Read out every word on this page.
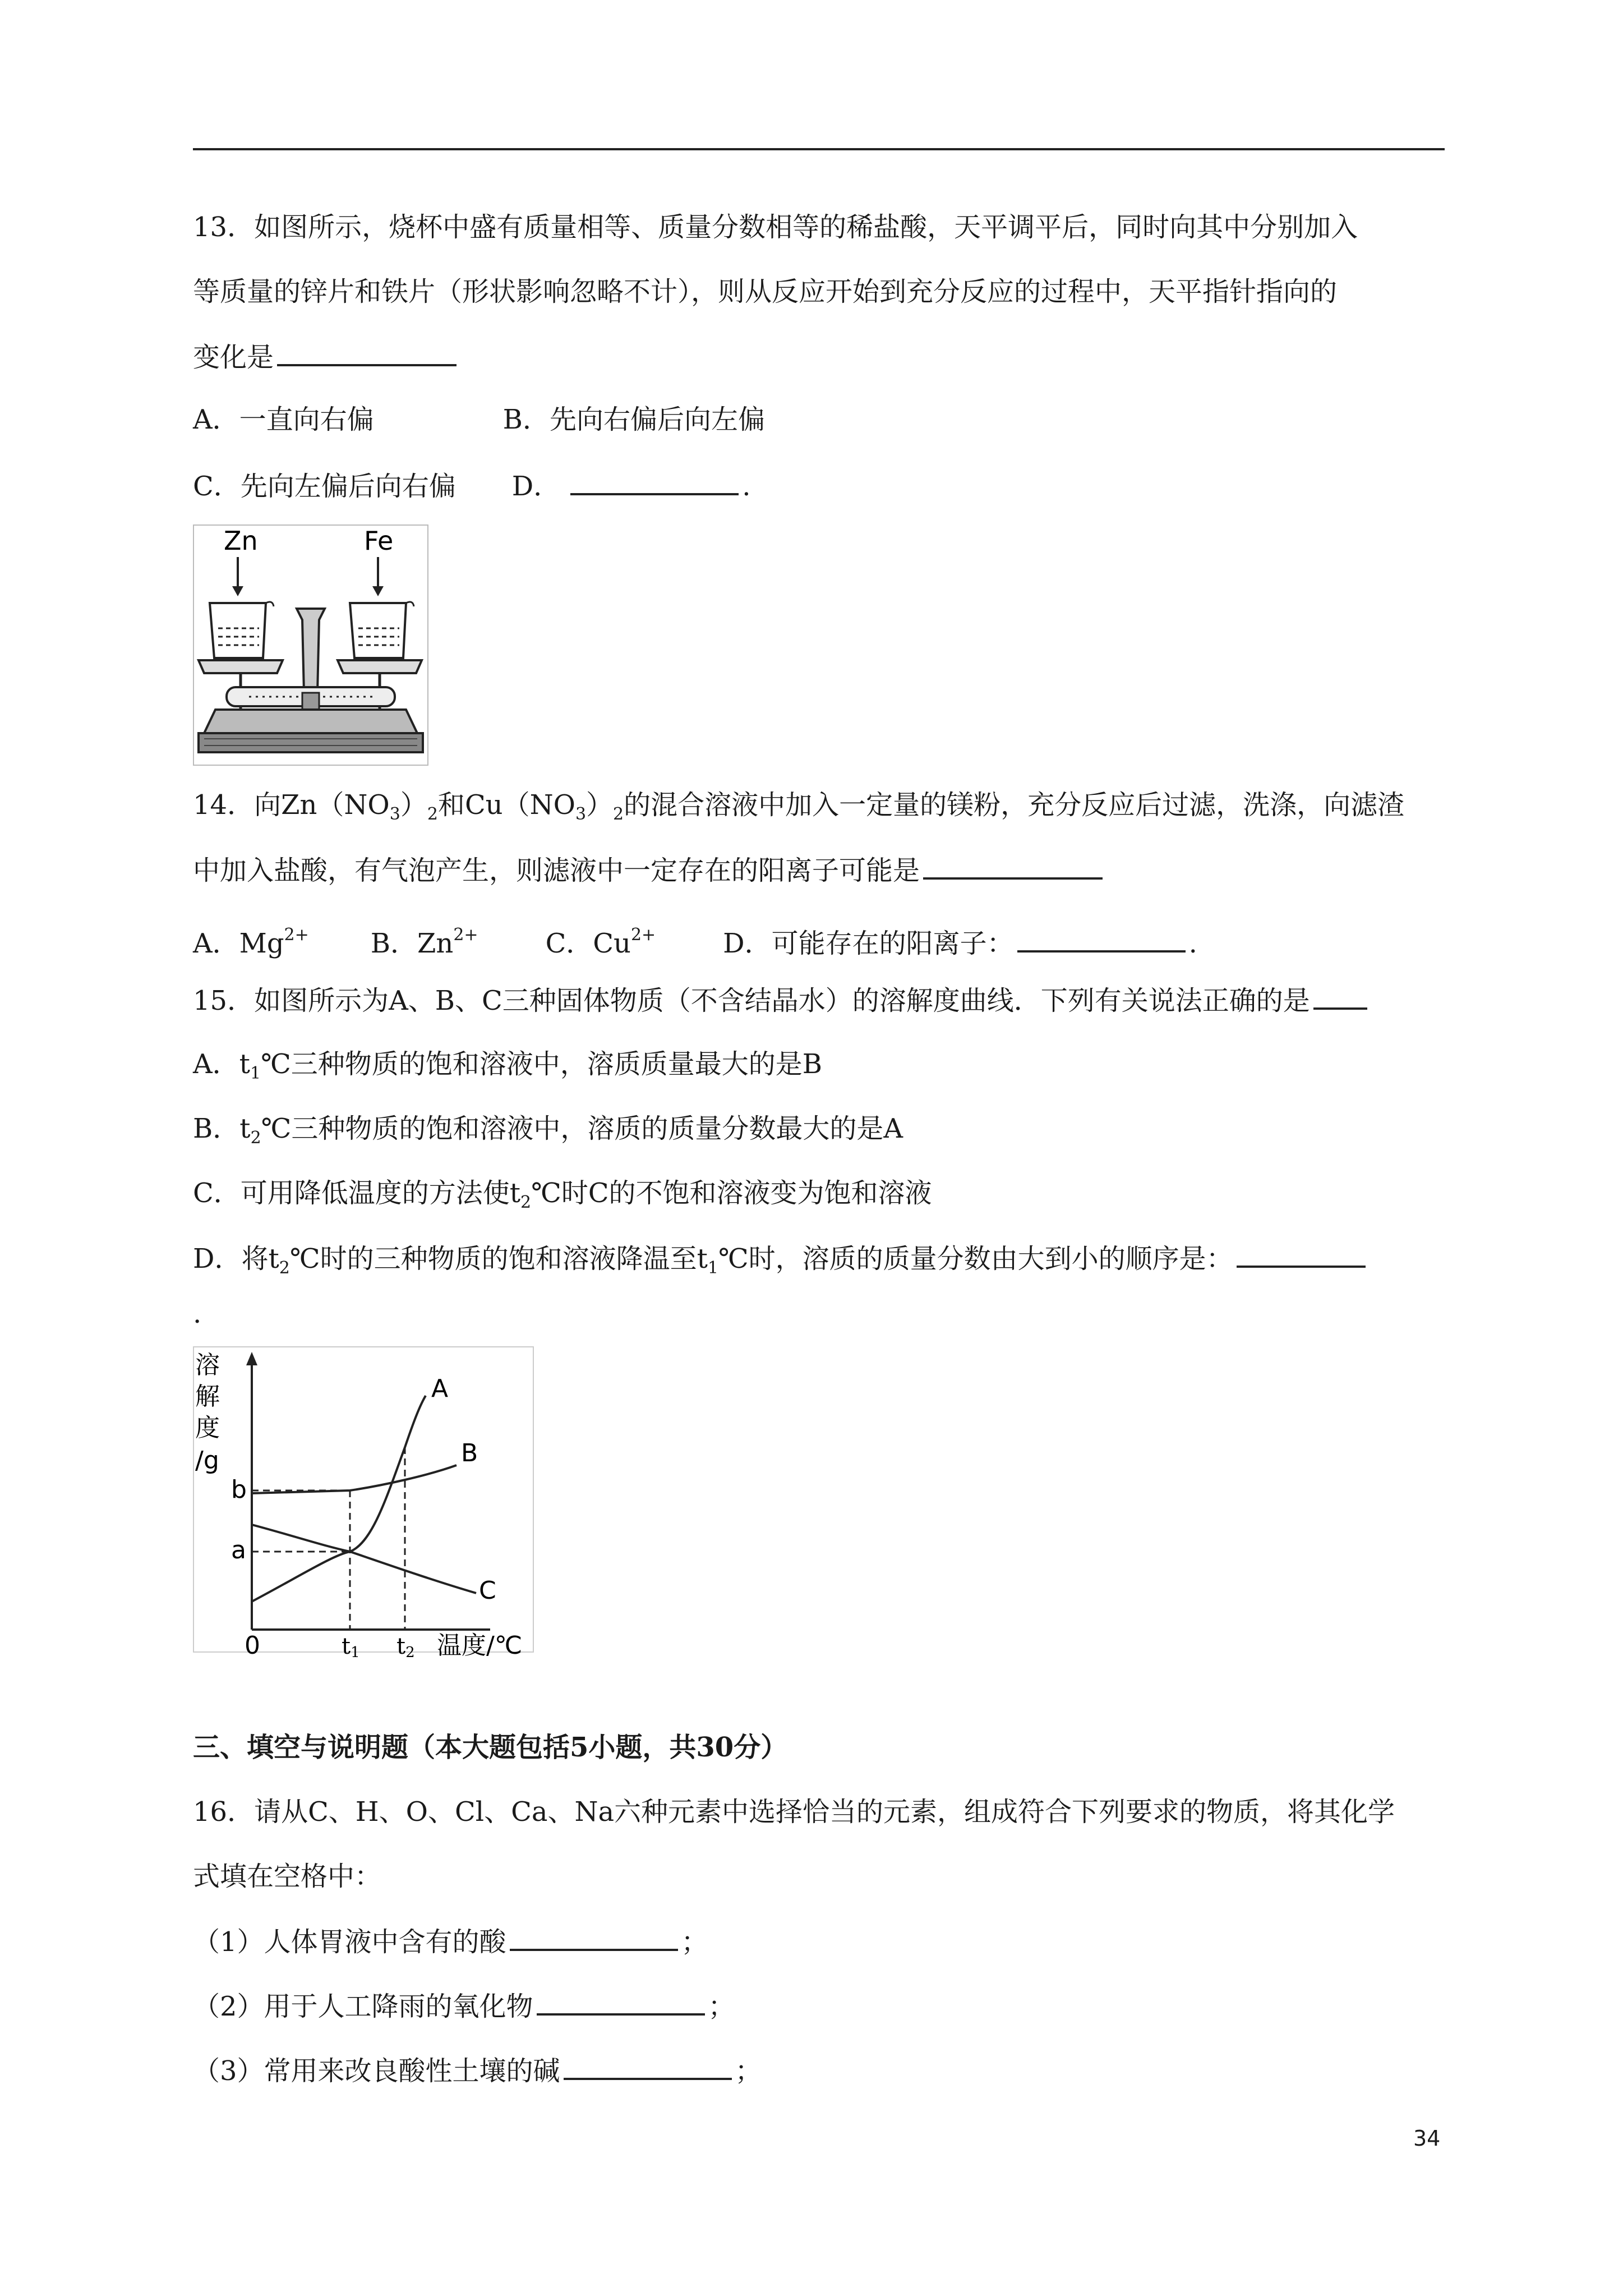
13．如图所示，烧杯中盛有质量相等、质量分数相等的稀盐酸，天平调平后，同时向其中分别加入
等质量的锌片和铁片（形状影响忽略不计），则从反应开始到充分反应的过程中，天平指针指向的
变化是
A．一直向右偏	B．先向右偏后向左偏
C．先向左偏后向右偏 D．	.
Zn	Fe
14．向$Zn(NO_3)_2$和$Cu(NO_3)_2$的混合溶液中加入一定量的镁粉，充分反应后过滤，洗涤，向滤渣
中加入盐酸，有气泡产生，则滤液中一定存在的阳离子可能是
A．$Mg^{2+}$ B．$Zn^{2+}$	C．$Cu^{2+}$	D．可能存在的阳离子：	.
15．如图所示为A、B、C三种固体物质（不含结晶水）的溶解度曲线．下列有关说法正确的是
A．$t_1℃$三种物质的饱和溶液中，溶质质量最大的是B
B．$t_2℃$三种物质的饱和溶液中，溶质的质量分数最大的是A
C．可用降低温度的方法使$t_2℃$时C的不饱和溶液变为饱和溶液
D．将$t_2℃$时的三种物质的饱和溶液降温至$t_1℃$时，溶质的质量分数由大到小的顺序是：
.
溶
解
度
/g
A
B
C
b
a
0	t1 t2 温度/℃
三、填空与说明题（本大题包括5小题，共30分）
16．请从C、H、O、Cl、Ca、Na六种元素中选择恰当的元素，组成符合下列要求的物质，将其化学
式填在空格中：
（1）人体胃液中含有的酸	；
（2）用于人工降雨的氧化物	；
（3）常用来改良酸性土壤的碱	；
34
